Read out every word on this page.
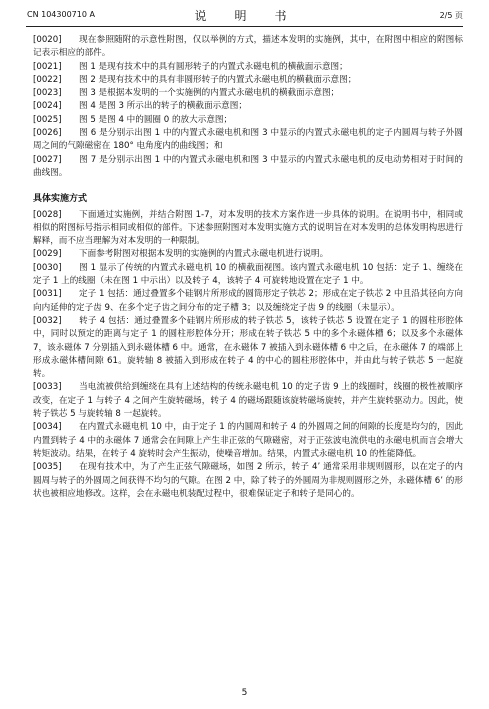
CN 104300710 A	说　明　书	2/5 页

[0020] 现在参照随附的示意性附图，仅以举例的方式，描述本发明的实施例，其中，在附图中相应的附图标记表示相应的部件。

[0021] 图 1 是现有技术中的具有圆形转子的内置式永磁电机的横截面示意图；

[0022] 图 2 是现有技术中的具有非圆形转子的内置式永磁电机的横截面示意图；

[0023] 图 3 是根据本发明的一个实施例的内置式永磁电机的横截面示意图；

[0024] 图 4 是图 3 所示出的转子的横截面示意图；

[0025] 图 5 是图 4 中的圆圈 0 的放大示意图；

[0026] 图 6 是分别示出图 1 中的内置式永磁电机和图 3 中显示的内置式永磁电机的定子内圆周与转子外圆周之间的气隙磁密在 180° 电角度内的曲线图；和

[0027] 图 7 是分别示出图 1 中的内置式永磁电机和图 3 中显示的内置式永磁电机的反电动势相对于时间的曲线图。

具体实施方式

[0028] 下面通过实施例，并结合附图 1-7，对本发明的技术方案作进一步具体的说明。在说明书中，相同或相似的附图标号指示相同或相似的部件。下述参照附图对本发明实施方式的说明旨在对本发明的总体发明构思进行解释，而不应当理解为对本发明的一种限制。

[0029] 下面参考附图对根据本发明的实施例的内置式永磁电机进行说明。

[0030] 图 1 显示了传统的内置式永磁电机 10 的横截面视图。该内置式永磁电机 10 包括：定子 1、缠绕在定子 1 上的线圈（未在图 1 中示出）以及转子 4，该转子 4 可旋转地设置在定子 1 中。

[0031] 定子 1 包括：通过叠置多个硅钢片所形成的圆筒形定子铁芯 2；形成在定子铁芯 2 中且沿其径向方向向内延伸的定子齿 9、在多个定子齿之间分布的定子槽 3；以及缠绕定子齿 9 的线圈（未显示）。

[0032] 转子 4 包括：通过叠置多个硅钢片所形成的转子铁芯 5，该转子铁芯 5 设置在定子 1 的圆柱形腔体中，同时以预定的距离与定子 1 的圆柱形腔体分开；形成在转子铁芯 5 中的多个永磁体槽 6；以及多个永磁体 7，该永磁体 7 分别插入到永磁体槽 6 中。通常，在永磁体 7 被插入到永磁体槽 6 中之后，在永磁体 7 的端部上形成永磁体槽间隙 61。旋转轴 8 被插入到形成在转子 4 的中心的圆柱形腔体中，并由此与转子铁芯 5 一起旋转。

[0033] 当电流被供给到缠绕在具有上述结构的传统永磁电机 10 的定子齿 9 上的线圈时，线圈的极性被顺序改变，在定子 1 与转子 4 之间产生旋转磁场，转子 4 的磁场跟随该旋转磁场旋转，并产生旋转驱动力。因此，使转子铁芯 5 与旋转轴 8 一起旋转。

[0034] 在内置式永磁电机 10 中，由于定子 1 的内圆周和转子 4 的外圆周之间的间隙的长度是均匀的，因此内置到转子 4 中的永磁体 7 通常会在间隙上产生非正弦的气隙磁密，对于正弦波电流供电的永磁电机而言会增大转矩波动。结果，在转子 4 旋转时会产生振动，使噪音增加。结果，内置式永磁电机 10 的性能降低。

[0035] 在现有技术中，为了产生正弦气隙磁场，如图 2 所示，转子 4’ 通常采用非规则圆形，以在定子的内圆周与转子的外圆周之间获得不均匀的气隙。在图 2 中，除了转子的外圆周为非规则圆形之外，永磁体槽 6’ 的形状也被相应地修改。这样，会在永磁电机装配过程中，很难保证定子和转子是同心的。

5
